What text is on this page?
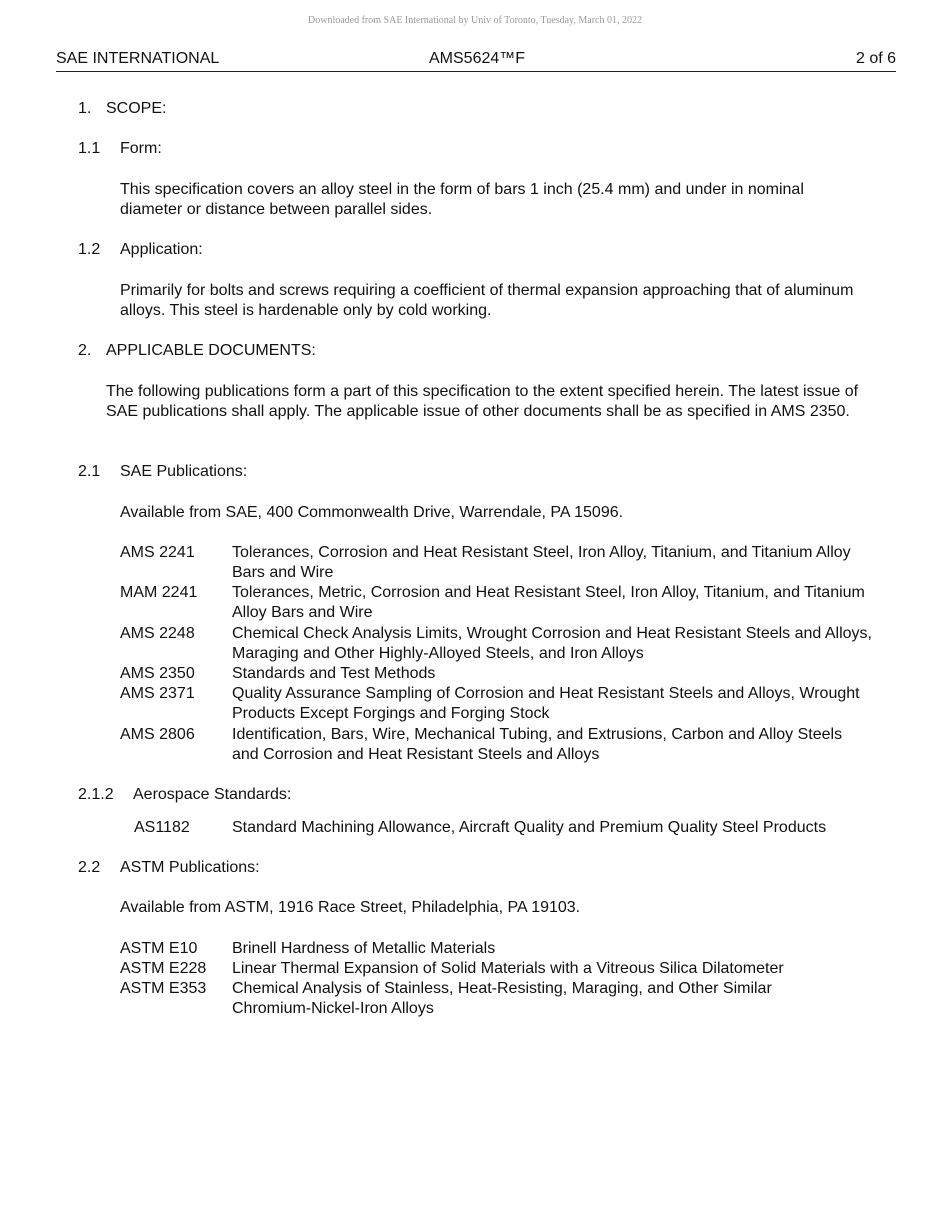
Downloaded from SAE International by Univ of Toronto, Tuesday, March 01, 2022
SAE INTERNATIONAL	AMS5624™F	2 of 6
1. SCOPE:
1.1 Form:

This specification covers an alloy steel in the form of bars 1 inch (25.4 mm) and under in nominal diameter or distance between parallel sides.

1.2 Application:

Primarily for bolts and screws requiring a coefficient of thermal expansion approaching that of aluminum alloys. This steel is hardenable only by cold working.

2. APPLICABLE DOCUMENTS:

The following publications form a part of this specification to the extent specified herein. The latest issue of SAE publications shall apply. The applicable issue of other documents shall be as specified in AMS 2350.

2.1 SAE Publications:

Available from SAE, 400 Commonwealth Drive, Warrendale, PA 15096.

AMS 2241 Tolerances, Corrosion and Heat Resistant Steel, Iron Alloy, Titanium, and Titanium Alloy Bars and Wire
MAM 2241 Tolerances, Metric, Corrosion and Heat Resistant Steel, Iron Alloy, Titanium, and Titanium Alloy Bars and Wire
AMS 2248 Chemical Check Analysis Limits, Wrought Corrosion and Heat Resistant Steels and Alloys, Maraging and Other Highly-Alloyed Steels, and Iron Alloys
AMS 2350 Standards and Test Methods
AMS 2371 Quality Assurance Sampling of Corrosion and Heat Resistant Steels and Alloys, Wrought Products Except Forgings and Forging Stock
AMS 2806 Identification, Bars, Wire, Mechanical Tubing, and Extrusions, Carbon and Alloy Steels and Corrosion and Heat Resistant Steels and Alloys
2.1.2 Aerospace Standards:
AS1182	Standard Machining Allowance, Aircraft Quality and Premium Quality Steel Products
2.2 ASTM Publications:

Available from ASTM, 1916 Race Street, Philadelphia, PA 19103.

ASTM E10 Brinell Hardness of Metallic Materials
ASTM E228 Linear Thermal Expansion of Solid Materials with a Vitreous Silica Dilatometer
ASTM E353 Chemical Analysis of Stainless, Heat-Resisting, Maraging, and Other Similar Chromium-Nickel-Iron Alloys
